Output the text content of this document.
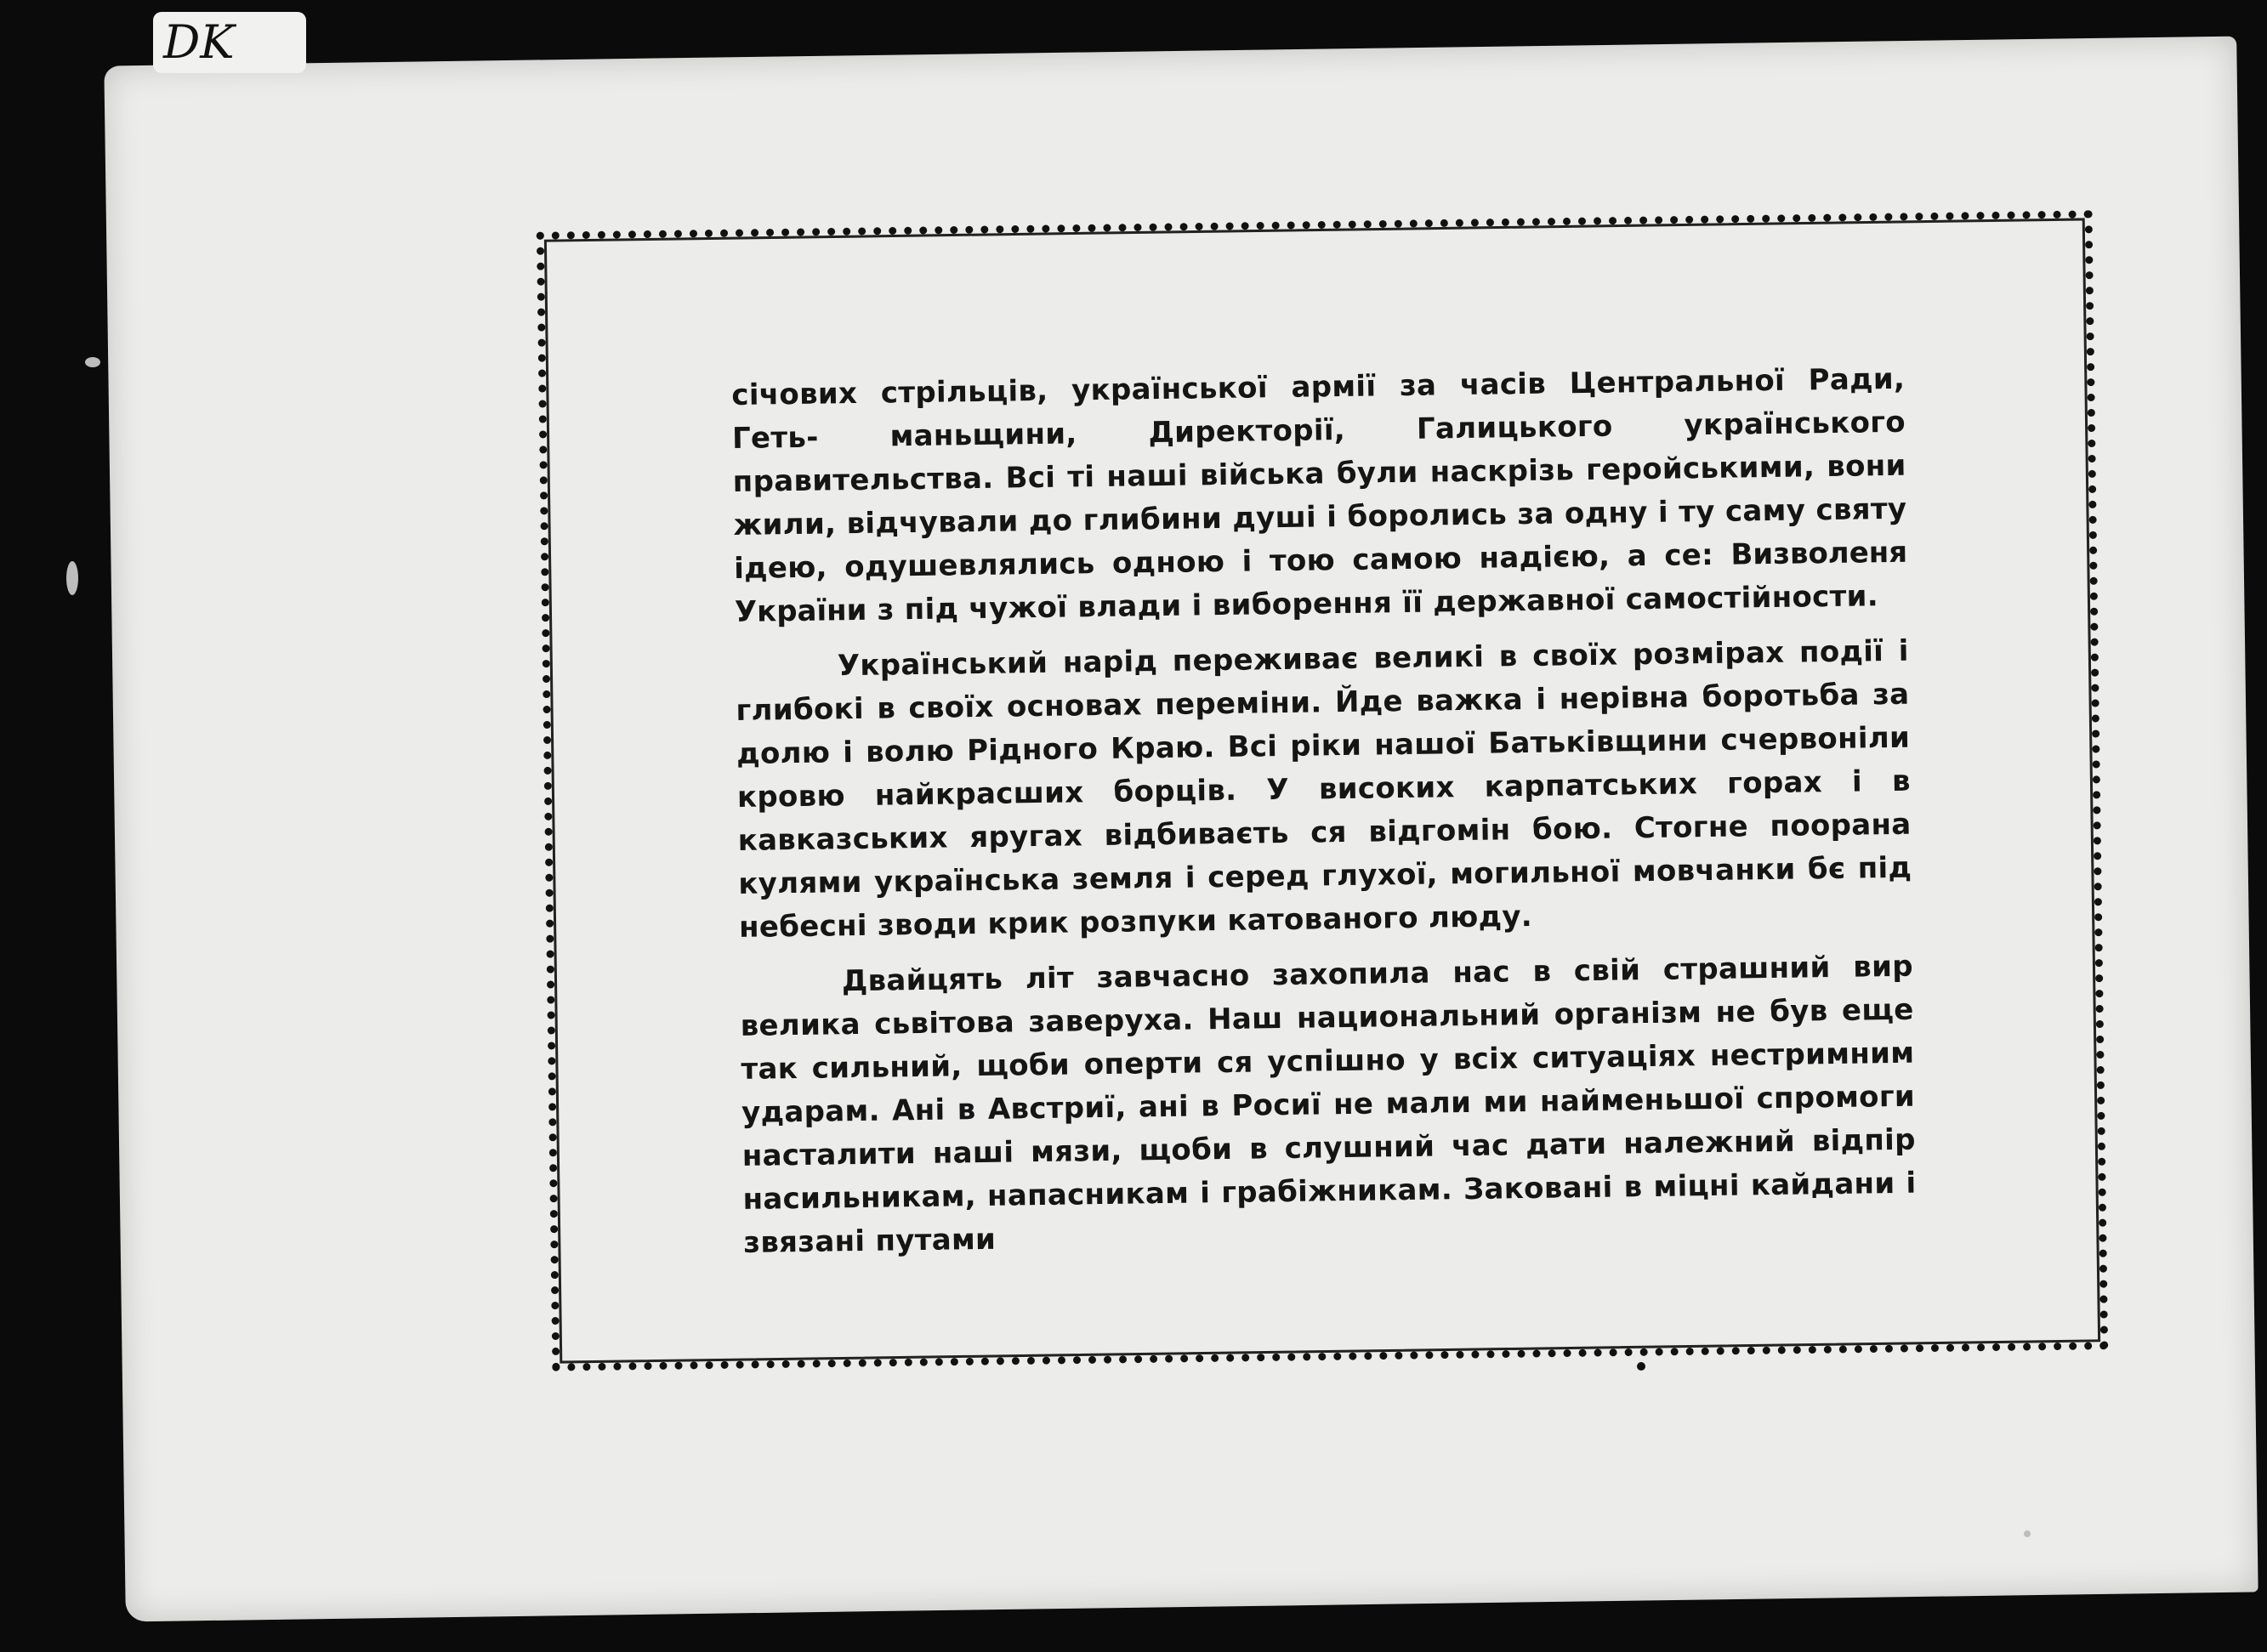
DK

січових стрільців, української армії за часів Центральної Ради, Геть- маньщини, Директорії, Галицького українського правительства. Всі ті наші війська були наскрізь геройськими, вони жили, відчували до глибини душі і боролись за одну і ту саму святу ідею, одушевлялись одною і тою самою надією, а се: Визволеня України з під чужої влади і виборення її державної самостійности.

Український нарід переживає великі в своїх розмірах події і глибокі в своїх основах переміни. Йде важка і нерівна боротьба за долю і волю Рідного Краю. Всі ріки нашої Батьківщини счервоніли кровю найкрасших борців. У високих карпатських горах і в кавказських яругах відбиваєть ся відгомін бою. Стогне поорана кулями українська земля і серед глухої, могильної мовчанки бє під небесні зводи крик розпуки катованого люду.

Двайцять літ завчасно захопила нас в свій страшний вир велика сьвітова заверуха. Наш национальний організм не був еще так сильний, щоби оперти ся успішно у всіх ситуаціях нестримним ударам. Ані в Австриї, ані в Росиї не мали ми найменьшої спромоги насталити наші мязи, щоби в слушний час дати належний відпір насильникам, напасникам і грабіжникам. Заковані в міцні кайдани і звязані путами
